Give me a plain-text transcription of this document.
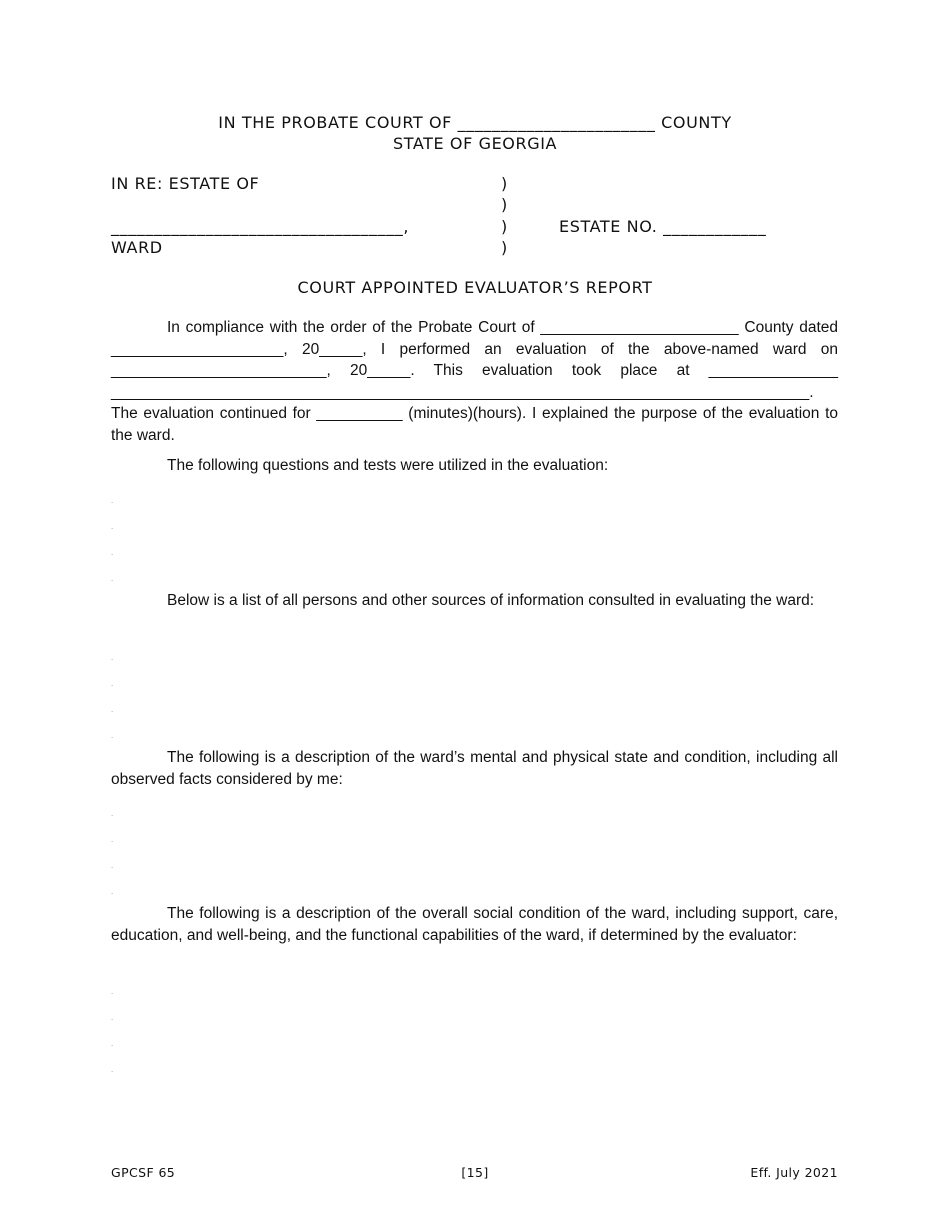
IN THE PROBATE COURT OF _______________________ COUNTY
STATE OF GEORGIA
IN RE: ESTATE OF
__________________________________,
WARD
)
)
)
)
ESTATE NO. ____________
COURT APPOINTED EVALUATOR’S REPORT
In compliance with the order of the Probate Court of _______________________ County dated ____________________, 20_____, I performed an evaluation of the above-named ward on _________________________, 20_____. This evaluation took place at _______________ _________________________________________________________________________________. The evaluation continued for __________ (minutes)(hours). I explained the purpose of the evaluation to the ward.
The following questions and tests were utilized in the evaluation:
.
.
.
.
Below is a list of all persons and other sources of information consulted in evaluating the ward:
.
.
.
.
The following is a description of the ward’s mental and physical state and condition, including all observed facts considered by me:
.
.
.
.
The following is a description of the overall social condition of the ward, including support, care, education, and well-being, and the functional capabilities of the ward, if determined by the evaluator:
.
.
.
.
GPCSF 65	[15]	Eff. July 2021
